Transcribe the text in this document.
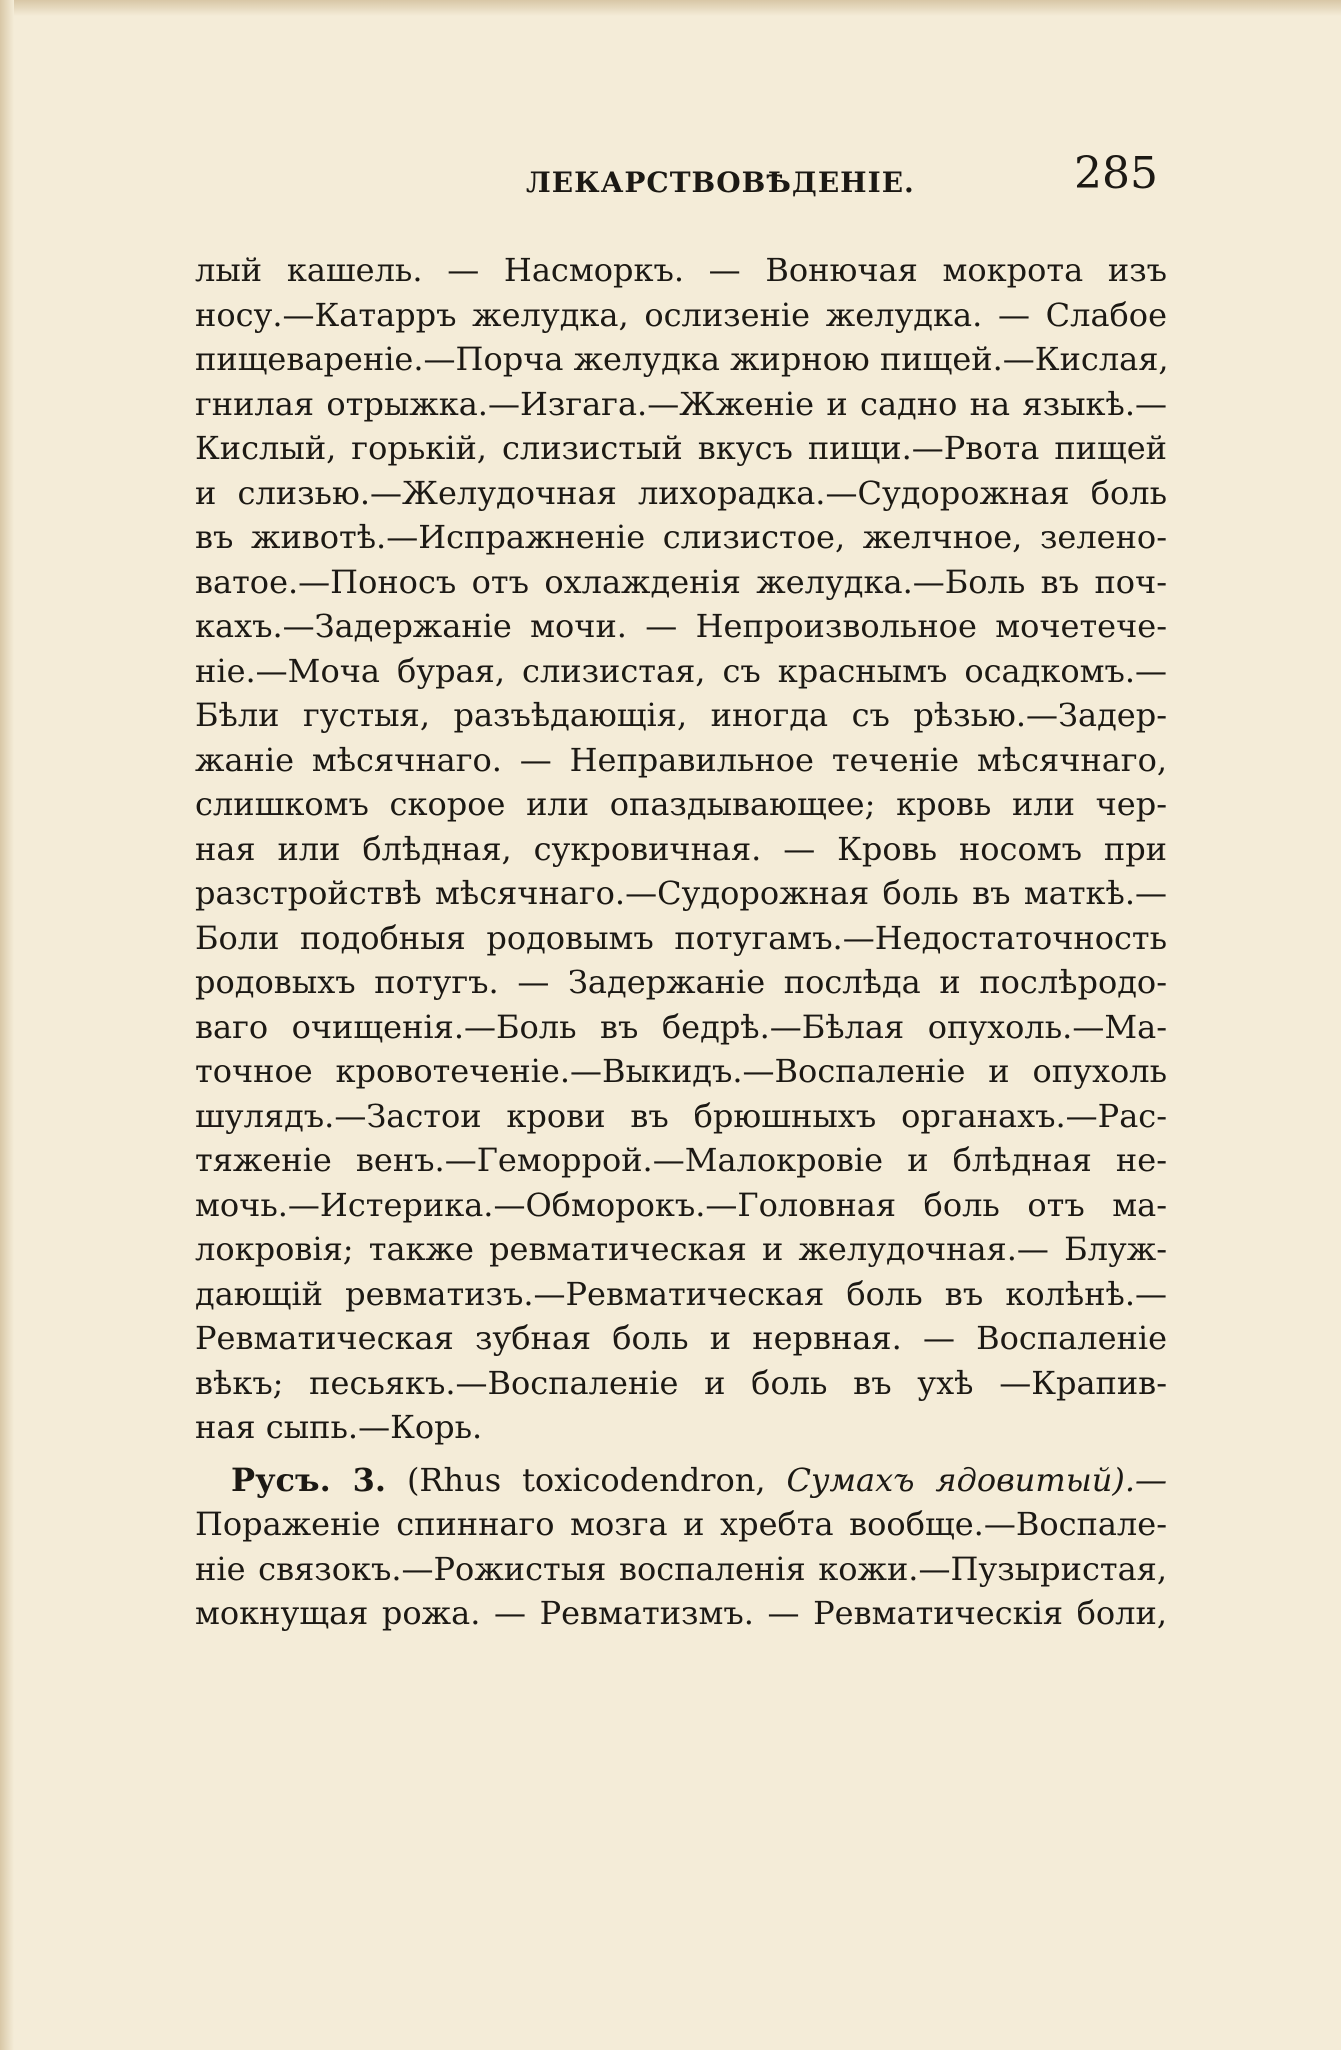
ЛЕКАРСТВОВѢДЕНІЕ.	285
лый кашель. — Насморкъ. — Вонючая мокрота изъ
носу.—Катарръ желудка, ослизеніе желудка. — Слабое
пищевареніе.—Порча желудка жирною пищей.—Кислая,
гнилая отрыжка.—Изгага.—Жженіе и садно на языкѣ.—
Кислый, горькій, слизистый вкусъ пищи.—Рвота пищей
и слизью.—Желудочная лихорадка.—Судорожная боль
въ животѣ.—Испражненіе слизистое, желчное, зелено-
ватое.—Поносъ отъ охлажденія желудка.—Боль въ поч-
кахъ.—Задержаніе мочи. — Непроизвольное мочетече-
ніе.—Моча бурая, слизистая, съ краснымъ осадкомъ.—
Бѣли густыя, разъѣдающія, иногда съ рѣзью.—Задер-
жаніе мѣсячнаго. — Неправильное теченіе мѣсячнаго,
слишкомъ скорое или опаздывающее; кровь или чер-
ная или блѣдная, сукровичная. — Кровь носомъ при
разстройствѣ мѣсячнаго.—Судорожная боль въ маткѣ.—
Боли подобныя родовымъ потугамъ.—Недостаточность
родовыхъ потугъ. — Задержаніе послѣда и послѣродо-
ваго очищенія.—Боль въ бедрѣ.—Бѣлая опухоль.—Ма-
точное кровотеченіе.—Выкидъ.—Воспаленіе и опухоль
шулядъ.—Застои крови въ брюшныхъ органахъ.—Рас-
тяженіе венъ.—Геморрой.—Малокровіе и блѣдная не-
мочь.—Истерика.—Обморокъ.—Головная боль отъ ма-
локровія; также ревматическая и желудочная.— Блуж-
дающій ревматизъ.—Ревматическая боль въ колѣнѣ.—
Ревматическая зубная боль и нервная. — Воспаленіе
вѣкъ; песьякъ.—Воспаленіе и боль въ ухѣ —Крапив-
ная сыпь.—Корь.
Русъ. 3. (Rhus toxicodendron, Сумахъ ядовитый).—
Пораженіе спиннаго мозга и хребта вообще.—Воспале-
ніе связокъ.—Рожистыя воспаленія кожи.—Пузыристая,
мокнущая рожа. — Ревматизмъ. — Ревматическія боли,
